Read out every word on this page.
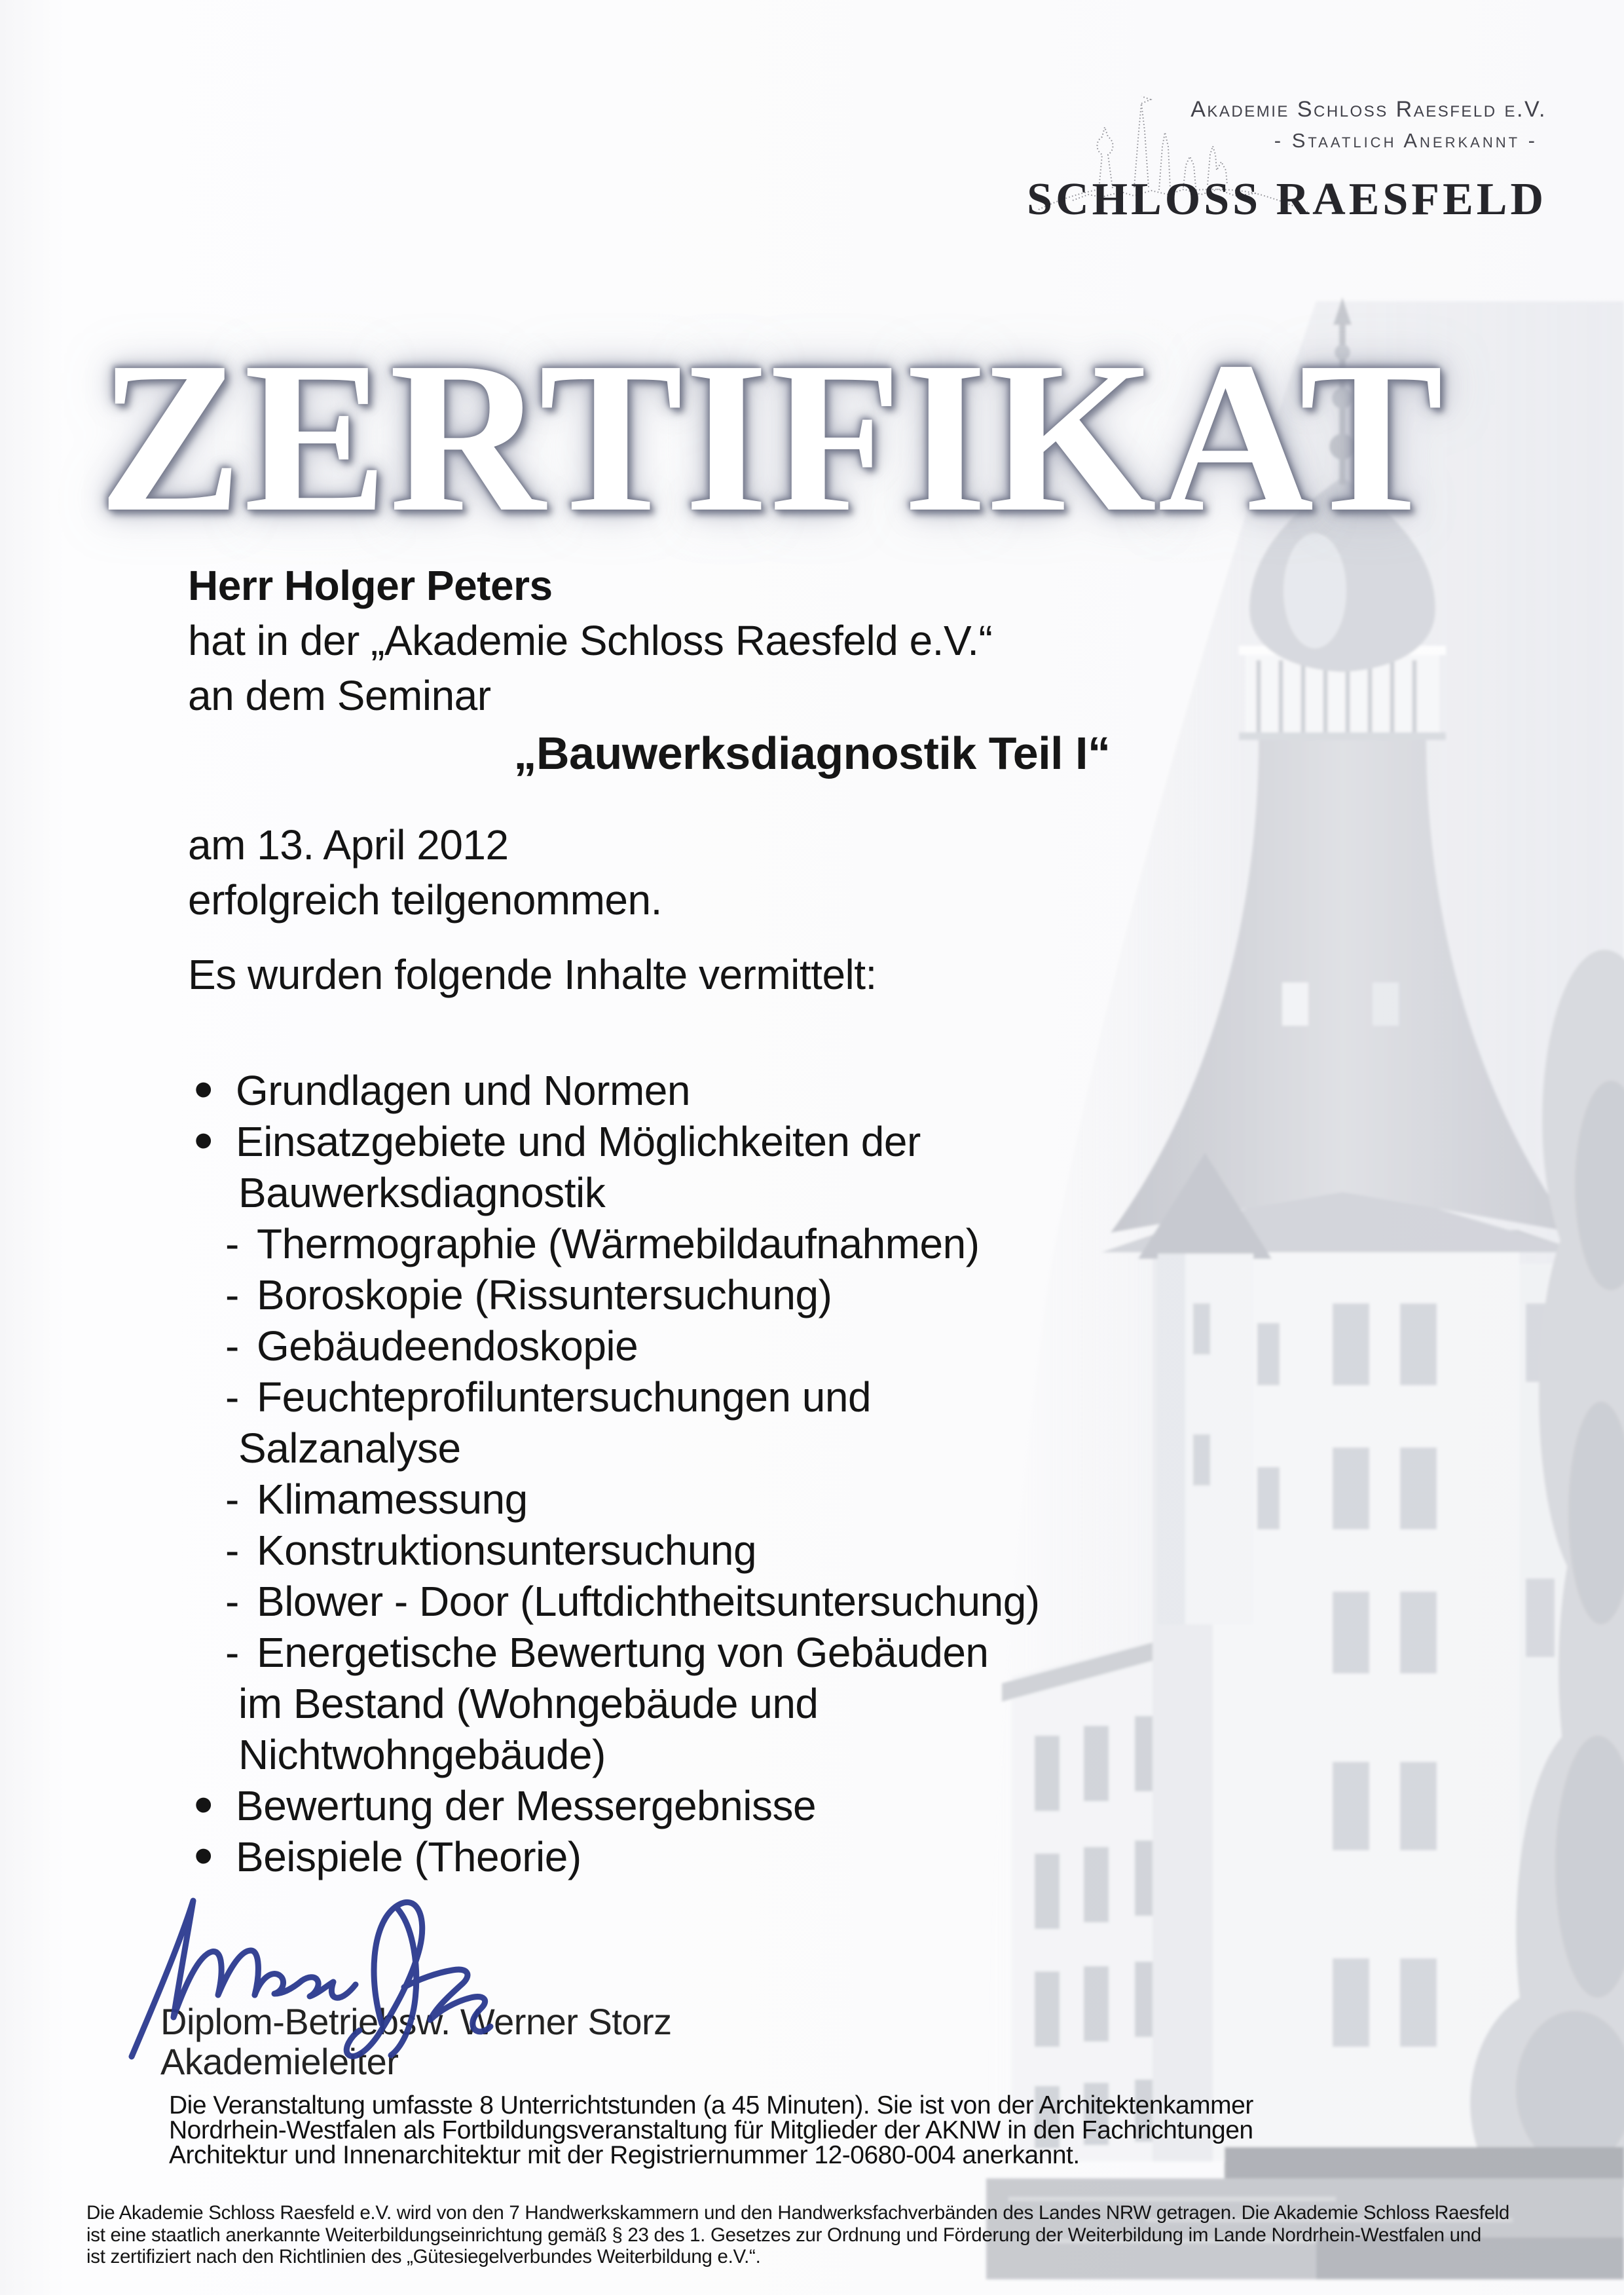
Akademie Schloss Raesfeld e.V.
- Staatlich Anerkannt -
SCHLOSS RAESFELD
ZERTIFIKAT
Herr Holger Peters
hat in der „Akademie Schloss Raesfeld e.V.“
an dem Seminar
„Bauwerksdiagnostik Teil I“
am 13. April 2012
erfolgreich teilgenommen.
Es wurden folgende Inhalte vermittelt:
• Grundlagen und Normen
• Einsatzgebiete und Möglichkeiten der
Bauwerksdiagnostik
- Thermographie (Wärmebildaufnahmen)
- Boroskopie (Rissuntersuchung)
- Gebäudeendoskopie
- Feuchteprofiluntersuchungen und
Salzanalyse
- Klimamessung
- Konstruktionsuntersuchung
- Blower - Door (Luftdichtheitsuntersuchung)
- Energetische Bewertung von Gebäuden
im Bestand (Wohngebäude und
Nichtwohngebäude)
• Bewertung der Messergebnisse
• Beispiele (Theorie)
Diplom-Betriebsw. Werner Storz
Akademieleiter
Die Veranstaltung umfasste 8 Unterrichtstunden (a 45 Minuten). Sie ist von der Architektenkammer
Nordrhein-Westfalen als Fortbildungsveranstaltung für Mitglieder der AKNW in den Fachrichtungen
Architektur und Innenarchitektur mit der Registriernummer 12-0680-004 anerkannt.
Die Akademie Schloss Raesfeld e.V. wird von den 7 Handwerkskammern und den Handwerksfachverbänden des Landes NRW getragen. Die Akademie Schloss Raesfeld
ist eine staatlich anerkannte Weiterbildungseinrichtung gemäß § 23 des 1. Gesetzes zur Ordnung und Förderung der Weiterbildung im Lande Nordrhein-Westfalen und
ist zertifiziert nach den Richtlinien des „Gütesiegelverbundes Weiterbildung e.V.“.
